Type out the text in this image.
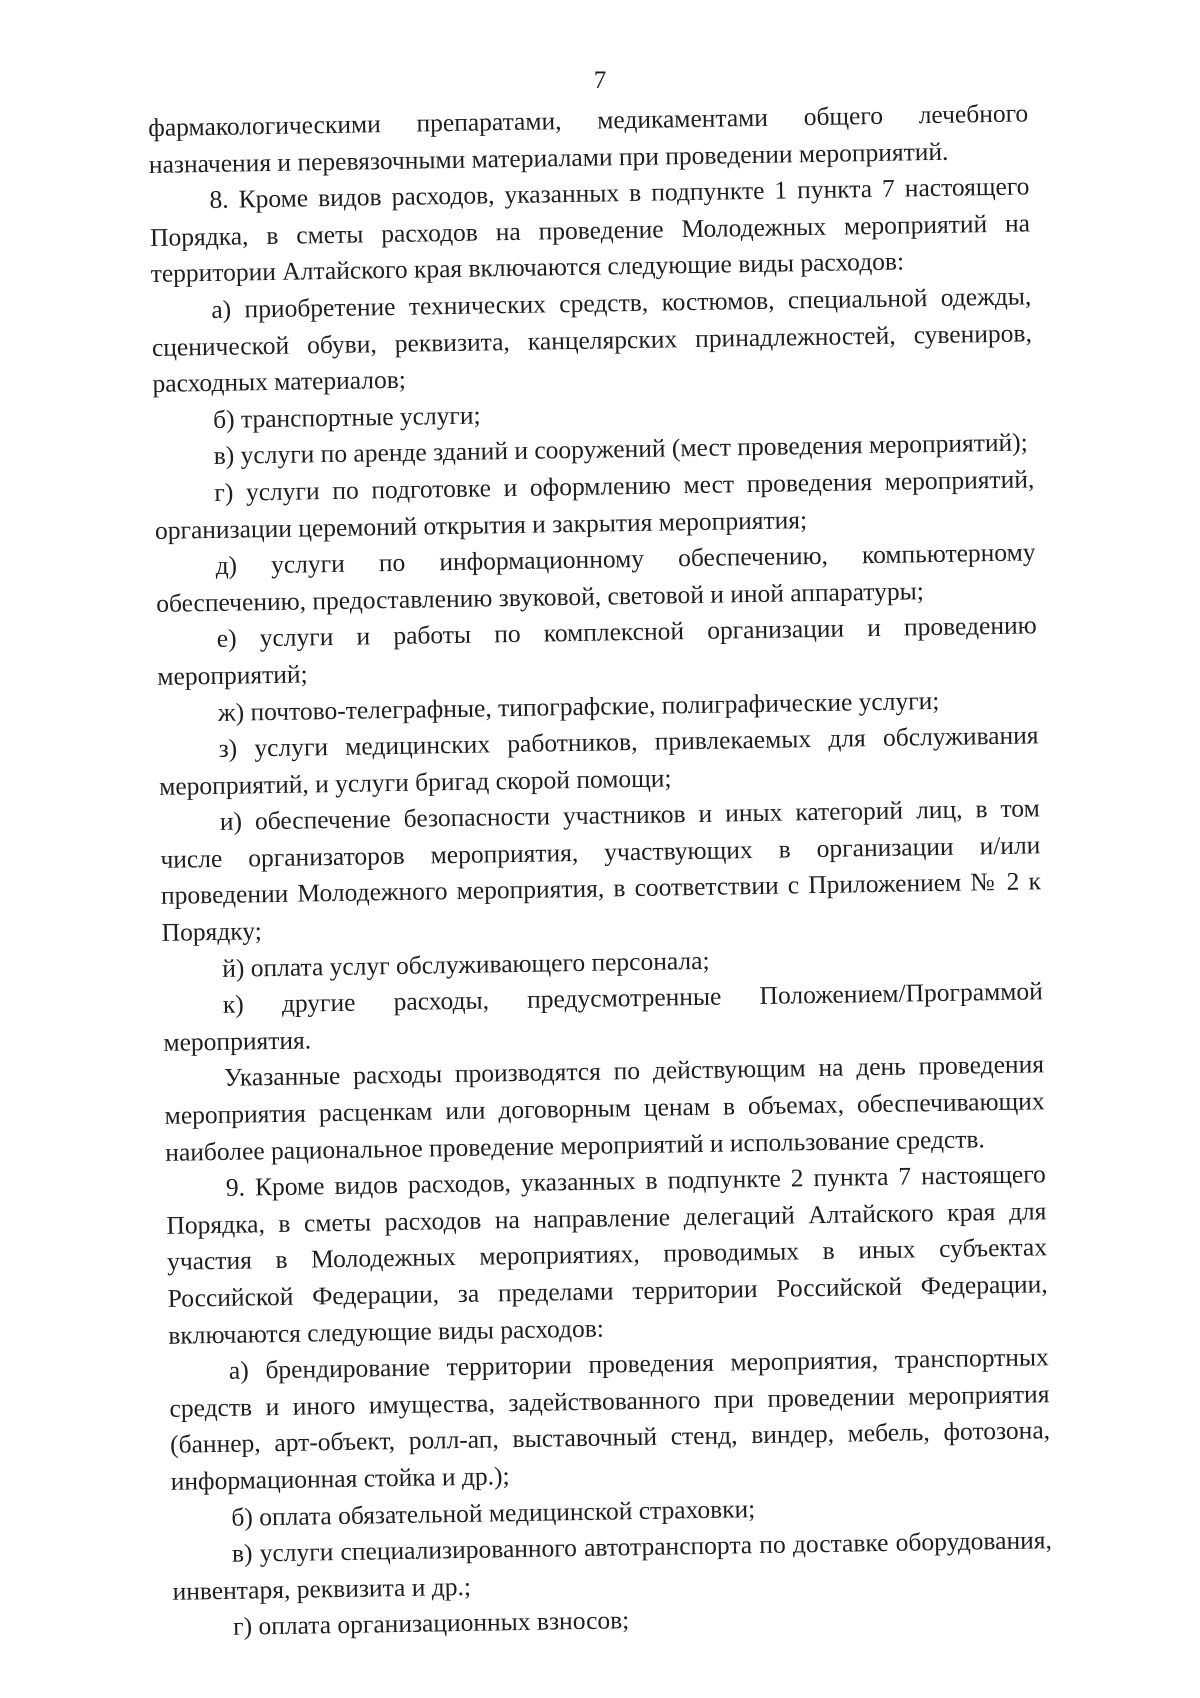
7

фармакологическими препаратами, медикаментами общего лечебного назначения и перевязочными материалами при проведении мероприятий.

8. Кроме видов расходов, указанных в подпункте 1 пункта 7 настоящего Порядка, в сметы расходов на проведение Молодежных мероприятий на территории Алтайского края включаются следующие виды расходов:

а) приобретение технических средств, костюмов, специальной одежды, сценической обуви, реквизита, канцелярских принадлежностей, сувениров, расходных материалов;

б) транспортные услуги;

в) услуги по аренде зданий и сооружений (мест проведения мероприятий);

г) услуги по подготовке и оформлению мест проведения мероприятий, организации церемоний открытия и закрытия мероприятия;

д) услуги по информационному обеспечению, компьютерному обеспечению, предоставлению звуковой, световой и иной аппаратуры;

е) услуги и работы по комплексной организации и проведению мероприятий;

ж) почтово-телеграфные, типографские, полиграфические услуги;

з) услуги медицинских работников, привлекаемых для обслуживания мероприятий, и услуги бригад скорой помощи;

и) обеспечение безопасности участников и иных категорий лиц, в том числе организаторов мероприятия, участвующих в организации и/или проведении Молодежного мероприятия, в соответствии с Приложением № 2 к Порядку;

й) оплата услуг обслуживающего персонала;

к) другие расходы, предусмотренные Положением/Программой мероприятия.

Указанные расходы производятся по действующим на день проведения мероприятия расценкам или договорным ценам в объемах, обеспечивающих наиболее рациональное проведение мероприятий и использование средств.

9. Кроме видов расходов, указанных в подпункте 2 пункта 7 настоящего Порядка, в сметы расходов на направление делегаций Алтайского края для участия в Молодежных мероприятиях, проводимых в иных субъектах Российской Федерации, за пределами территории Российской Федерации, включаются следующие виды расходов:

а) брендирование территории проведения мероприятия, транспортных средств и иного имущества, задействованного при проведении мероприятия (баннер, арт-объект, ролл-ап, выставочный стенд, виндер, мебель, фотозона, информационная стойка и др.);

б) оплата обязательной медицинской страховки;

в) услуги специализированного автотранспорта по доставке оборудования, инвентаря, реквизита и др.;

г) оплата организационных взносов;
